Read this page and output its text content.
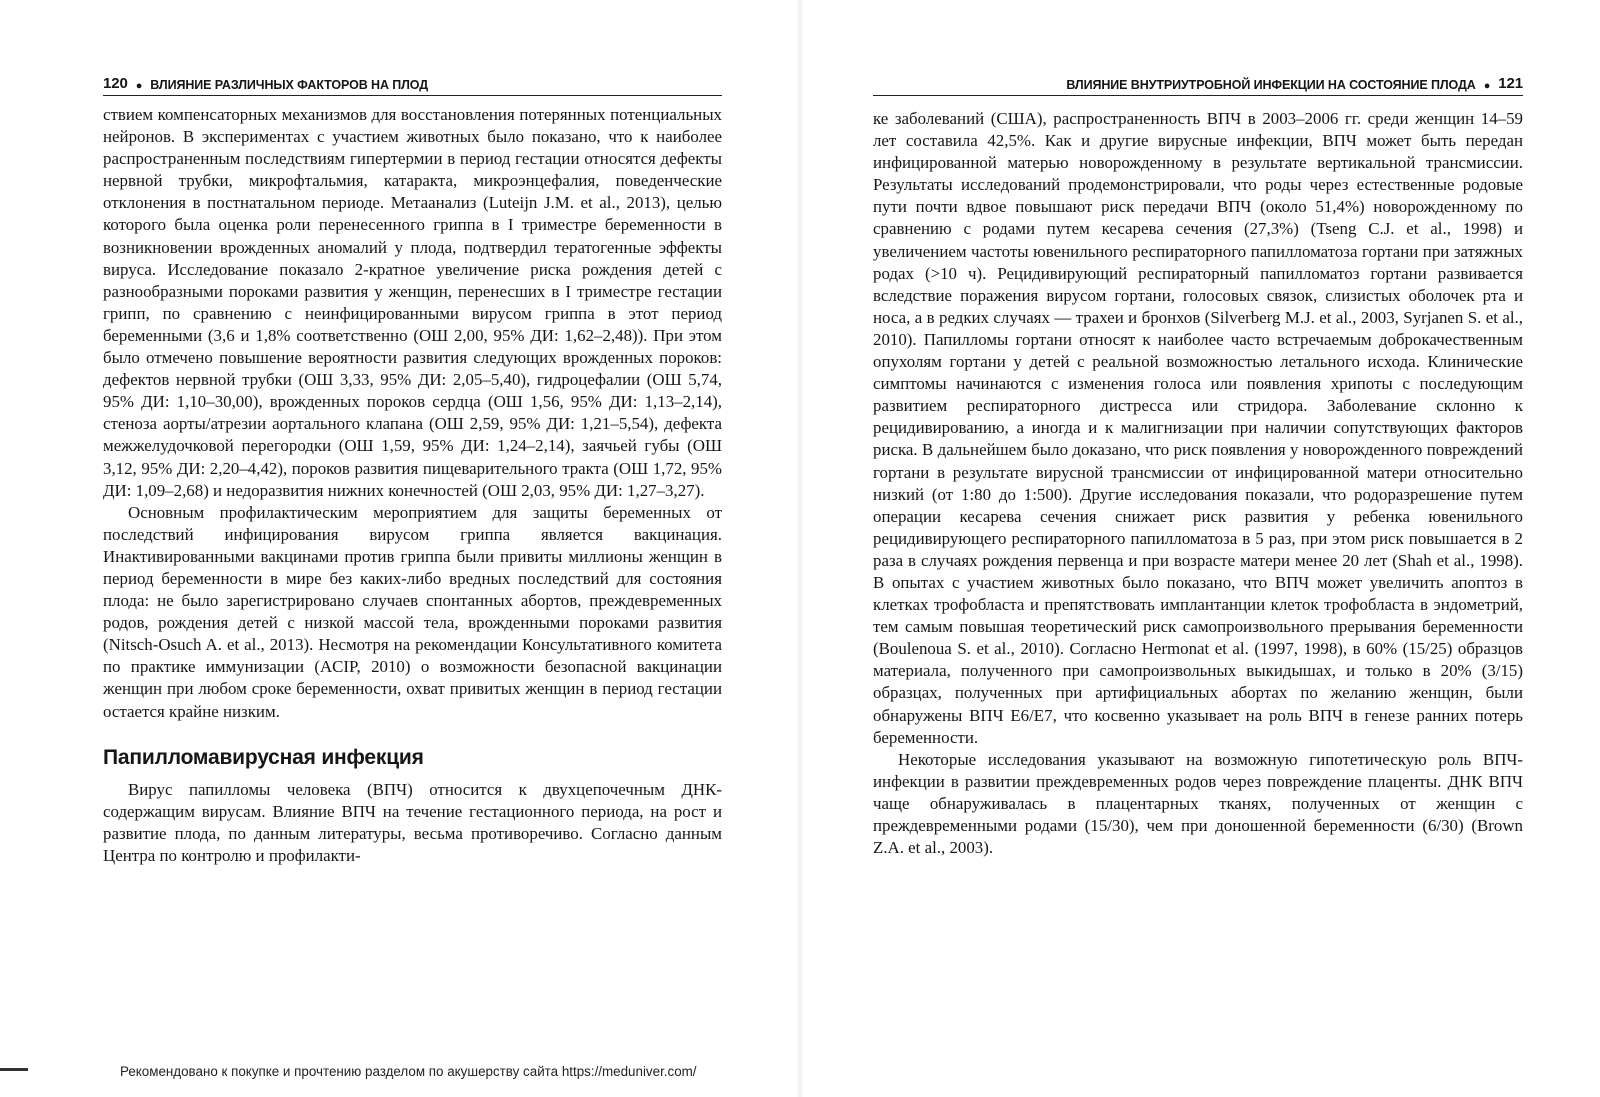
120 ● ВЛИЯНИЕ РАЗЛИЧНЫХ ФАКТОРОВ НА ПЛОД

ствием компенсаторных механизмов для восстановления потерянных потенциальных нейронов. В экспериментах с участием животных было показано, что к наиболее распространенным последствиям гипертермии в период гестации относятся дефекты нервной трубки, микрофтальмия, катаракта, микроэнцефалия, поведенческие отклонения в постнатальном периоде. Метаанализ (Luteijn J.M. et al., 2013), целью которого была оценка роли перенесенного гриппа в I триместре беременности в возникновении врожденных аномалий у плода, подтвердил тератогенные эффекты вируса. Исследование показало 2-кратное увеличение риска рождения детей с разнообразными пороками развития у женщин, перенесших в I триместре гестации грипп, по сравнению с неинфицированными вирусом гриппа в этот период беременными (3,6 и 1,8% соответственно (ОШ 2,00, 95% ДИ: 1,62–2,48)). При этом было отмечено повышение вероятности развития следующих врожденных пороков: дефектов нервной трубки (ОШ 3,33, 95% ДИ: 2,05–5,40), гидроцефалии (ОШ 5,74, 95% ДИ: 1,10–30,00), врожденных пороков сердца (ОШ 1,56, 95% ДИ: 1,13–2,14), стеноза аорты/атрезии аортального клапана (ОШ 2,59, 95% ДИ: 1,21–5,54), дефекта межжелудочковой перегородки (ОШ 1,59, 95% ДИ: 1,24–2,14), заячьей губы (ОШ 3,12, 95% ДИ: 2,20–4,42), пороков развития пищеварительного тракта (ОШ 1,72, 95% ДИ: 1,09–2,68) и недоразвития нижних конечностей (ОШ 2,03, 95% ДИ: 1,27–3,27).

Основным профилактическим мероприятием для защиты беременных от последствий инфицирования вирусом гриппа является вакцинация. Инактивированными вакцинами против гриппа были привиты миллионы женщин в период беременности в мире без каких-либо вредных последствий для состояния плода: не было зарегистрировано случаев спонтанных абортов, преждевременных родов, рождения детей с низкой массой тела, врожденными пороками развития (Nitsch-Osuch A. et al., 2013). Несмотря на рекомендации Консультативного комитета по практике иммунизации (ACIP, 2010) о возможности безопасной вакцинации женщин при любом сроке беременности, охват привитых женщин в период гестации остается крайне низким.

Папилломавирусная инфекция

Вирус папилломы человека (ВПЧ) относится к двухцепочечным ДНК-содержащим вирусам. Влияние ВПЧ на течение гестационного периода, на рост и развитие плода, по данным литературы, весьма противоречиво. Согласно данным Центра по контролю и профилакти-

ВЛИЯНИЕ ВНУТРИУТРОБНОЙ ИНФЕКЦИИ НА СОСТОЯНИЕ ПЛОДА ● 121

ке заболеваний (США), распространенность ВПЧ в 2003–2006 гг. среди женщин 14–59 лет составила 42,5%. Как и другие вирусные инфекции, ВПЧ может быть передан инфицированной матерью новорожденному в результате вертикальной трансмиссии. Результаты исследований продемонстрировали, что роды через естественные родовые пути почти вдвое повышают риск передачи ВПЧ (около 51,4%) новорожденному по сравнению с родами путем кесарева сечения (27,3%) (Tseng C.J. et al., 1998) и увеличением частоты ювенильного респираторного папилломатоза гортани при затяжных родах (>10 ч). Рецидивирующий респираторный папилломатоз гортани развивается вследствие поражения вирусом гортани, голосовых связок, слизистых оболочек рта и носа, а в редких случаях — трахеи и бронхов (Silverberg M.J. et al., 2003, Syrjanen S. et al., 2010). Папилломы гортани относят к наиболее часто встречаемым доброкачественным опухолям гортани у детей с реальной возможностью летального исхода. Клинические симптомы начинаются с изменения голоса или появления хрипоты с последующим развитием респираторного дистресса или стридора. Заболевание склонно к рецидивированию, а иногда и к малигнизации при наличии сопутствующих факторов риска. В дальнейшем было доказано, что риск появления у новорожденного повреждений гортани в результате вирусной трансмиссии от инфицированной матери относительно низкий (от 1:80 до 1:500). Другие исследования показали, что родоразрешение путем операции кесарева сечения снижает риск развития у ребенка ювенильного рецидивирующего респираторного папилломатоза в 5 раз, при этом риск повышается в 2 раза в случаях рождения первенца и при возрасте матери менее 20 лет (Shah et al., 1998). В опытах с участием животных было показано, что ВПЧ может увеличить апоптоз в клетках трофобласта и препятствовать имплантанции клеток трофобласта в эндометрий, тем самым повышая теоретический риск самопроизвольного прерывания беременности (Boulenoua S. et al., 2010). Согласно Hermonat et al. (1997, 1998), в 60% (15/25) образцов материала, полученного при самопроизвольных выкидышах, и только в 20% (3/15) образцах, полученных при артифициальных абортах по желанию женщин, были обнаружены ВПЧ E6/E7, что косвенно указывает на роль ВПЧ в генезе ранних потерь беременности.

Некоторые исследования указывают на возможную гипотетическую роль ВПЧ-инфекции в развитии преждевременных родов через повреждение плаценты. ДНК ВПЧ чаще обнаруживалась в плацентарных тканях, полученных от женщин с преждевременными родами (15/30), чем при доношенной беременности (6/30) (Brown Z.A. et al., 2003).

Рекомендовано к покупке и прочтению разделом по акушерству сайта https://meduniver.com/
